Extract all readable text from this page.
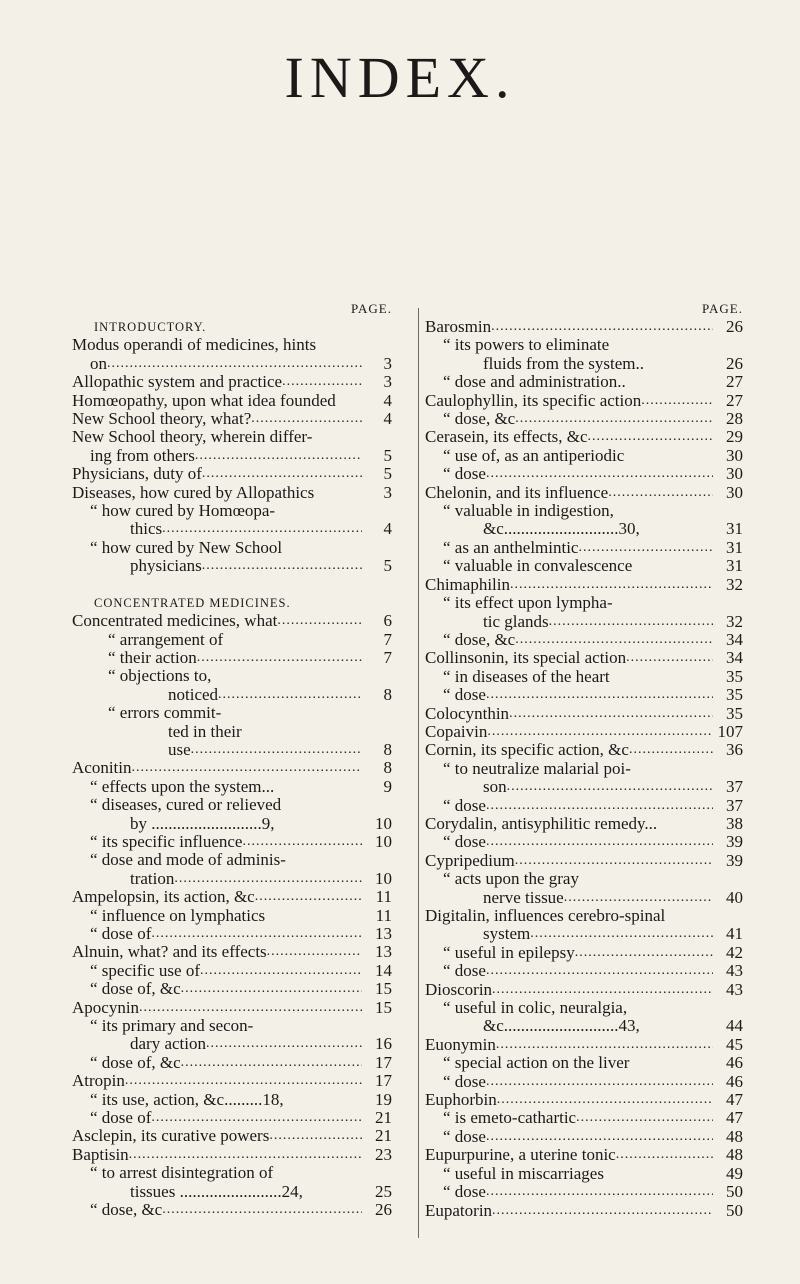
INDEX.
PAGE.
INTRODUCTORY.
Modus operandi of medicines, hints
on .....	3
Allopathic system and practice .....	3
Homœopathy, upon what idea founded	4
New School theory, what? .....	4
New School theory, wherein differ-
ing from others .....	5
Physicians, duty of .....	5
Diseases, how cured by Allopathics	3
“ how cured by Homœopa-
thics .....	4
“ how cured by New School
physicians .....	5
CONCENTRATED MEDICINES.
Concentrated medicines, what .....	6
“ arrangement of	7
“ their action .....	7
“ objections to,
noticed .....	8
“ errors commit-
ted in their
use .....	8
Aconitin .....	8
“ effects upon the system...	9
“ diseases, cured or relieved
by ..........................9,	10
“ its specific influence .....	10
“ dose and mode of adminis-
tration .....	10
Ampelopsin, its action, &c .....	11
“ influence on lymphatics	11
“ dose of .....	13
Alnuin, what? and its effects .....	13
“ specific use of .....	14
“ dose of, &c .....	15
Apocynin .....	15
“ its primary and secon-
dary action .....	16
“ dose of, &c .....	17
Atropin .....	17
“ its use, action, &c.........18,	19
“ dose of .....	21
Asclepin, its curative powers .....	21
Baptisin .....	23
“ to arrest disintegration of
tissues ........................24,	25
“ dose, &c .....	26
PAGE.
Barosmin .....	26
“ its powers to eliminate
fluids from the system..	26
“ dose and administration..	27
Caulophyllin, its specific action .....	27
“ dose, &c .....	28
Cerasein, its effects, &c .....	29
“ use of, as an antiperiodic	30
“ dose .....	30
Chelonin, and its influence .....	30
“ valuable in indigestion,
&c...........................30,	31
“ as an anthelmintic .....	31
“ valuable in convalescence	31
Chimaphilin .....	32
“ its effect upon lympha-
tic glands .....	32
“ dose, &c .....	34
Collinsonin, its special action .....	34
“ in diseases of the heart	35
“ dose .....	35
Colocynthin .....	35
Copaivin .....	107
Cornin, its specific action, &c .....	36
“ to neutralize malarial poi-
son .....	37
“ dose .....	37
Corydalin, antisyphilitic remedy...	38
“ dose .....	39
Cypripedium .....	39
“ acts upon the gray
nerve tissue .....	40
Digitalin, influences cerebro-spinal
system .....	41
“ useful in epilepsy .....	42
“ dose .....	43
Dioscorin .....	43
“ useful in colic, neuralgia,
&c...........................43,	44
Euonymin .....	45
“ special action on the liver	46
“ dose .....	46
Euphorbin .....	47
“ is emeto-cathartic .....	47
“ dose .....	48
Eupurpurine, a uterine tonic .....	48
“ useful in miscarriages	49
“ dose .....	50
Eupatorin .....	50
